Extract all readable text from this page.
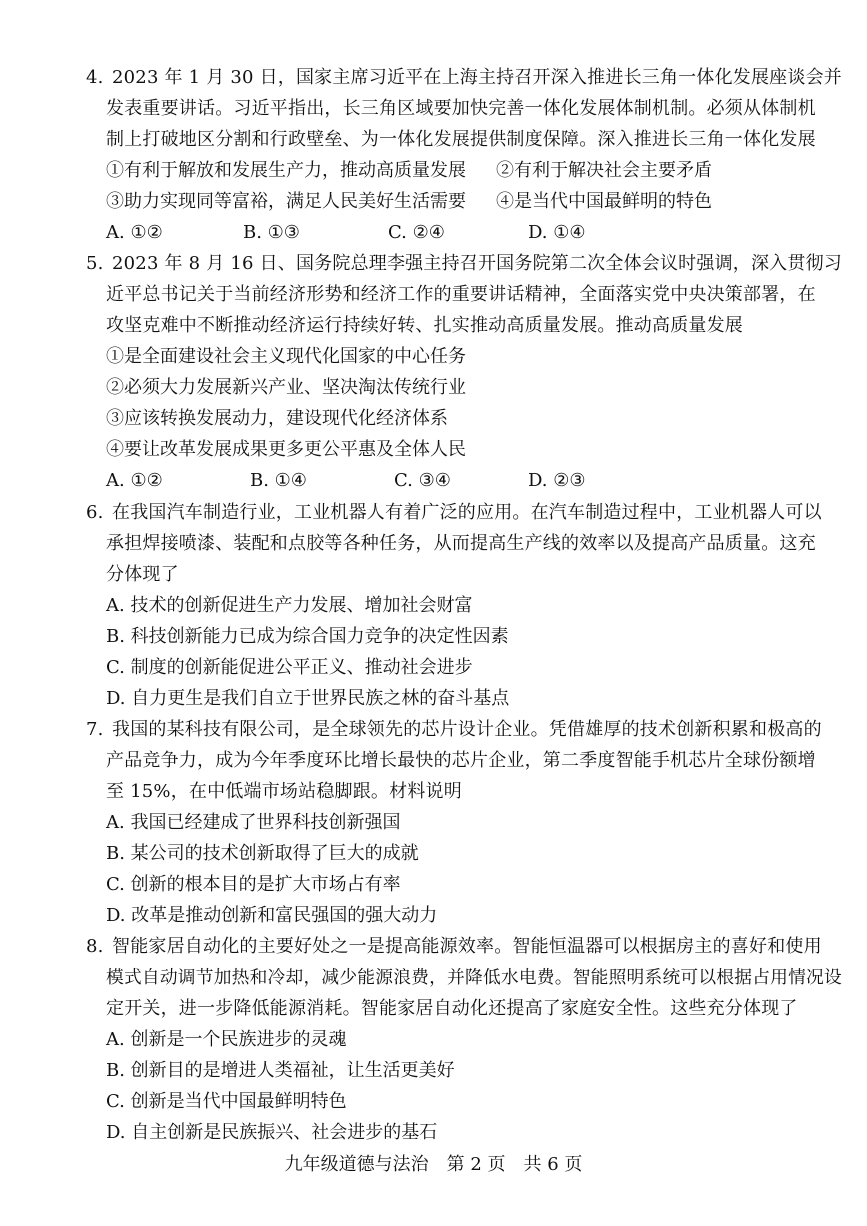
4. 2023 年 1 月 30 日，国家主席习近平在上海主持召开深入推进长三角一体化发展座谈会并
发表重要讲话。习近平指出，长三角区域要加快完善一体化发展体制机制。必须从体制机
制上打破地区分割和行政壁垒、为一体化发展提供制度保障。深入推进长三角一体化发展
①有利于解放和发展生产力，推动高质量发展 ②有利于解决社会主要矛盾
③助力实现同等富裕，满足人民美好生活需要 ④是当代中国最鲜明的特色
A. ①②	B. ①③	C. ②④	D. ①④
5. 2023 年 8 月 16 日、国务院总理李强主持召开国务院第二次全体会议时强调，深入贯彻习
近平总书记关于当前经济形势和经济工作的重要讲话精神，全面落实党中央决策部署，在
攻坚克难中不断推动经济运行持续好转、扎实推动高质量发展。推动高质量发展
①是全面建设社会主义现代化国家的中心任务
②必须大力发展新兴产业、坚决淘汰传统行业
③应该转换发展动力，建设现代化经济体系
④要让改革发展成果更多更公平惠及全体人民
A. ①②	B. ①④	C. ③④	D. ②③
6. 在我国汽车制造行业，工业机器人有着广泛的应用。在汽车制造过程中，工业机器人可以
承担焊接喷漆、装配和点胶等各种任务，从而提高生产线的效率以及提高产品质量。这充
分体现了
A. 技术的创新促进生产力发展、增加社会财富
B. 科技创新能力已成为综合国力竞争的决定性因素
C. 制度的创新能促进公平正义、推动社会进步
D. 自力更生是我们自立于世界民族之林的奋斗基点
7. 我国的某科技有限公司，是全球领先的芯片设计企业。凭借雄厚的技术创新积累和极高的
产品竞争力，成为今年季度环比增长最快的芯片企业，第二季度智能手机芯片全球份额增
至 15%，在中低端市场站稳脚跟。材料说明
A. 我国已经建成了世界科技创新强国
B. 某公司的技术创新取得了巨大的成就
C. 创新的根本目的是扩大市场占有率
D. 改革是推动创新和富民强国的强大动力
8. 智能家居自动化的主要好处之一是提高能源效率。智能恒温器可以根据房主的喜好和使用
模式自动调节加热和冷却，减少能源浪费，并降低水电费。智能照明系统可以根据占用情况设
定开关，进一步降低能源消耗。智能家居自动化还提高了家庭安全性。这些充分体现了
A. 创新是一个民族进步的灵魂
B. 创新目的是增进人类福祉，让生活更美好
C. 创新是当代中国最鲜明特色
D. 自主创新是民族振兴、社会进步的基石
九年级道德与法治　第 2 页　共 6 页
